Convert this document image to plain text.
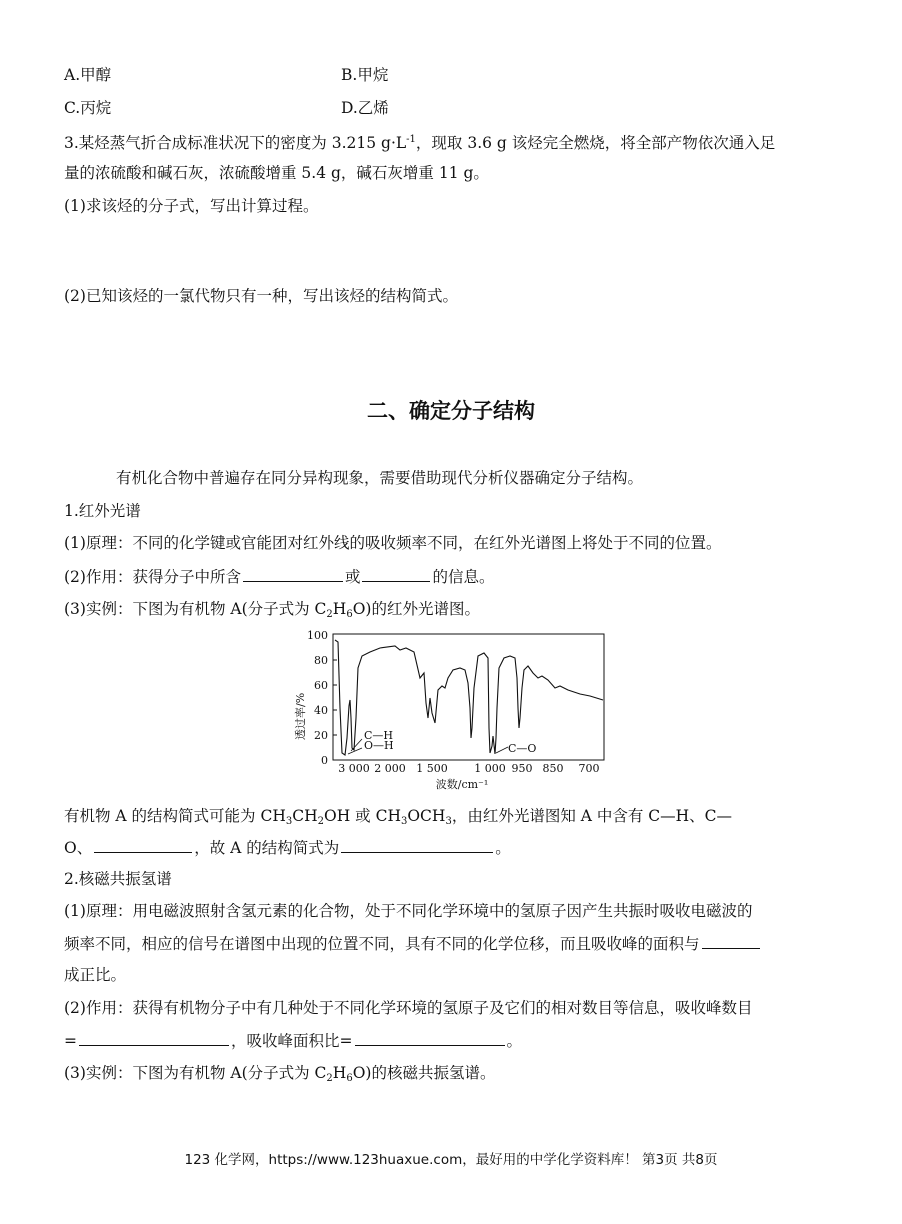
A.甲醇	B.甲烷
C.丙烷	D.乙烯
3.某烃蒸气折合成标准状况下的密度为 3.215 $g\cdot L^{-1}$，现取 3.6 g 该烃完全燃烧，将全部产物依次通入足
量的浓硫酸和碱石灰，浓硫酸增重 5.4 g，碱石灰增重 11 g。
(1)求该烃的分子式，写出计算过程。
(2)已知该烃的一氯代物只有一种，写出该烃的结构简式。
二、确定分子结构
有机化合物中普遍存在同分异构现象，需要借助现代分析仪器确定分子结构。
1.红外光谱
(1)原理：不同的化学键或官能团对红外线的吸收频率不同，在红外光谱图上将处于不同的位置。
(2)作用：获得分子中所含	或	的信息。
(3)实例：下图为有机物 A(分子式为 $C_2H_6O$)的红外光谱图。
0
20
40
60
80
100
透过率/%
3 000 2 000 1 500 1 000 950 850 700
波数/cm⁻¹
C—H
O—H	C—O
有机物 A 的结构简式可能为 $CH_3CH_2OH$ 或 $CH_3OCH_3$，由红外光谱图知 A 中含有 C—H、C—
O、	，故 A 的结构简式为	。
2.核磁共振氢谱
(1)原理：用电磁波照射含氢元素的化合物，处于不同化学环境中的氢原子因产生共振时吸收电磁波的
频率不同，相应的信号在谱图中出现的位置不同，具有不同的化学位移，而且吸收峰的面积与
成正比。
(2)作用：获得有机物分子中有几种处于不同化学环境的氢原子及它们的相对数目等信息，吸收峰数目
=	，吸收峰面积比=	。
(3)实例：下图为有机物 A(分子式为 $C_2H_6O$)的核磁共振氢谱。
123 化学网，https://www.123huaxue.com，最好用的中学化学资料库！ 第3页 共8页
